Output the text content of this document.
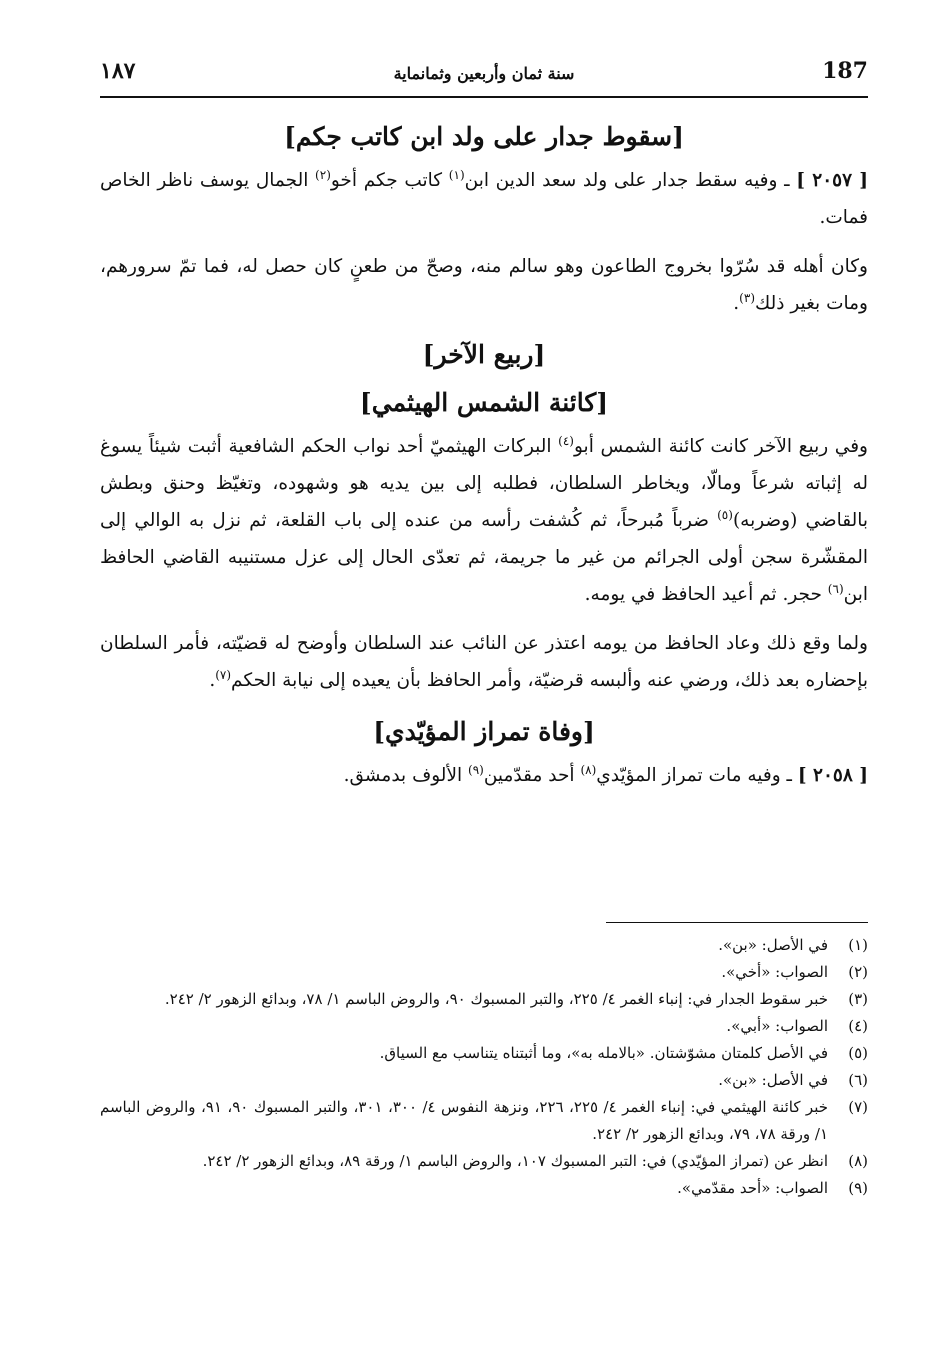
187
سنة ثمان وأربعين وثمانماية
١٨٧
[سقوط جدار على ولد ابن كاتب جكم]

[ ٢٠٥٧ ] ـ وفيه سقط جدار على ولد سعد الدين ابن$^{(١)}$ كاتب جكم أخو$^{(٢)}$ الجمال يوسف ناظر الخاص فمات.

وكان أهله قد سُرّوا بخروج الطاعون وهو سالم منه، وصحّ من طعنٍ كان حصل له، فما تمّ سرورهم، ومات بغير ذلك$^{(٣)}$.

[ربيع الآخر]
[كائنة الشمس الهيثمي]

وفي ربيع الآخر كانت كائنة الشمس أبو$^{(٤)}$ البركات الهيثميّ أحد نواب الحكم الشافعية أثبت شيئاً يسوغ له إثباته شرعاً ومالّا، ويخاطر السلطان، فطلبه إلى بين يديه هو وشهوده، وتغيّظ وحنق وبطش بالقاضي (وضربه)$^{(٥)}$ ضرباً مُبرحاً، ثم كُشفت رأسه من عنده إلى باب القلعة، ثم نزل به الوالي إلى المقشّرة سجن أولى الجرائم من غير ما جريمة، ثم تعدّى الحال إلى عزل مستنيبه القاضي الحافظ ابن$^{(٦)}$ حجر. ثم أعيد الحافظ في يومه.

ولما وقع ذلك وعاد الحافظ من يومه اعتذر عن النائب عند السلطان وأوضح له قضيّته، فأمر السلطان بإحضاره بعد ذلك، ورضي عنه وألبسه قرضيّة، وأمر الحافظ بأن يعيده إلى نيابة الحكم$^{(٧)}$.

[وفاة تمراز المؤيّدي]

[ ٢٠٥٨ ] ـ وفيه مات تمراز المؤيّدي$^{(٨)}$ أحد مقدّمين$^{(٩)}$ الألوف بدمشق.

(١)
في الأصل: «بن».
(٢)
الصواب: «أخي».
(٣)
خبر سقوط الجدار في: إنباء الغمر ٤/ ٢٢٥، والتبر المسبوك ٩٠، والروض الباسم ١/ ٧٨، وبدائع الزهور ٢/ ٢٤٢.
(٤)
الصواب: «أبي».
(٥)
في الأصل كلمتان مشوّشتان. «بالامله به»، وما أثبتناه يتناسب مع السياق.
(٦)
في الأصل: «بن».
(٧)
خبر كائنة الهيثمي في: إنباء الغمر ٤/ ٢٢٥، ٢٢٦، ونزهة النفوس ٤/ ٣٠٠، ٣٠١، والتبر المسبوك ٩٠، ٩١، والروض الباسم ١/ ورقة ٧٨، ٧٩، وبدائع الزهور ٢/ ٢٤٢.
(٨)
انظر عن (تمراز المؤيّدي) في: التبر المسبوك ١٠٧، والروض الباسم ١/ ورقة ٨٩، وبدائع الزهور ٢/ ٢٤٢.
(٩)
الصواب: «أحد مقدّمي».
